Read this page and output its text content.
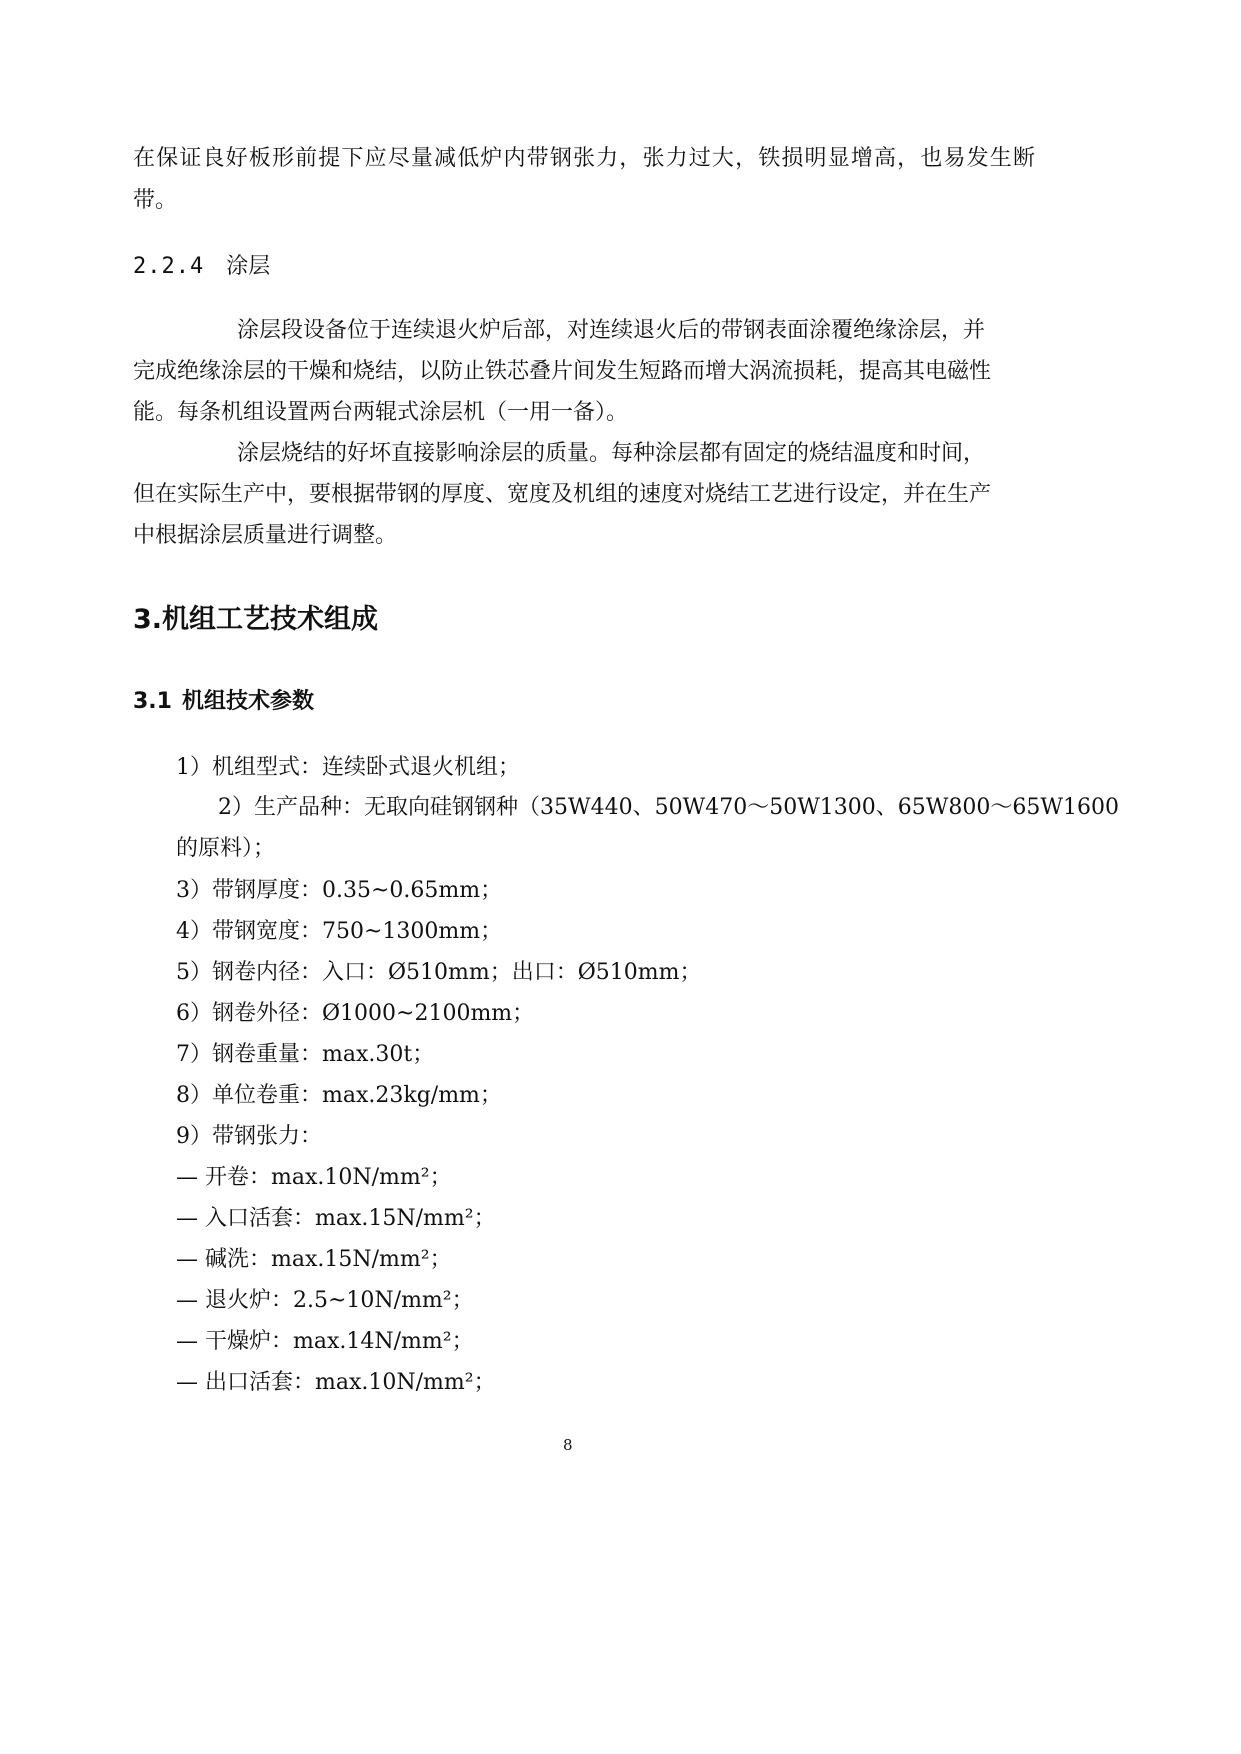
在 保 证 良 好 板 形 前 提 下 应 尽 量 减 低 炉 内 带 钢 张 力 ， 张 力 过 大 ， 铁 损 明 显 增 高 ， 也 易 发 生 断
带。
2.2.4 涂层
涂层段设备位于连续退火炉后部，对连续退火后的带钢表面涂覆绝缘涂层，并
完成绝缘涂层的干燥和烧结，以防止铁芯叠片间发生短路而增大涡流损耗，提高其电磁性
能。每条机组设置两台两辊式涂层机（一用一备）。
涂层烧结的好坏直接影响涂层的质量。每种涂层都有固定的烧结温度和时间，
但在实际生产中，要根据带钢的厚度、宽度及机组的速度对烧结工艺进行设定，并在生产
中根据涂层质量进行调整。
3.机组工艺技术组成
3.1 机组技术参数
1）机组型式：连续卧式退火机组；
2）生产品种：无取向硅钢钢种（35W440、50W470～50W1300、65W800～65W1600
的原料）；
3）带钢厚度：0.35~0.65mm；
4）带钢宽度：750~1300mm；
5）钢卷内径：入口：Ø510mm；出口：Ø510mm；
6）钢卷外径：Ø1000~2100mm；
7）钢卷重量：max.30t；
8）单位卷重：max.23kg/mm；
9）带钢张力：
— 开卷：max.10N/mm²；
— 入口活套：max.15N/mm²；
— 碱洗：max.15N/mm²；
— 退火炉：2.5~10N/mm²；
— 干燥炉：max.14N/mm²；
— 出口活套：max.10N/mm²；
8
